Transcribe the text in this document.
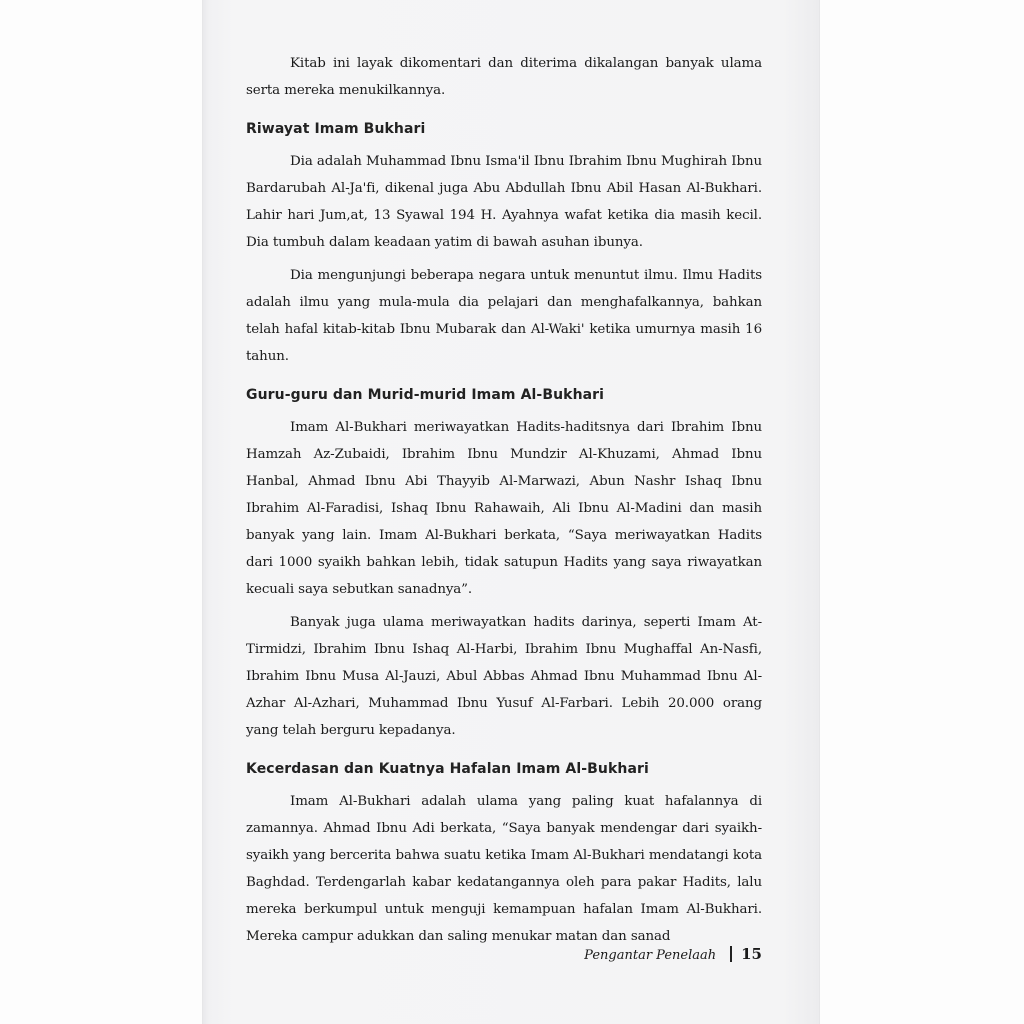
Kitab ini layak dikomentari dan diterima dikalangan banyak ulama serta mereka menukilkannya.

Riwayat Imam Bukhari

Dia adalah Muhammad Ibnu Isma'il Ibnu Ibrahim Ibnu Mughirah Ibnu Bardarubah Al-Ja'fi, dikenal juga Abu Abdullah Ibnu Abil Hasan Al-Bukhari. Lahir hari Jum,at, 13 Syawal 194 H. Ayahnya wafat ketika dia masih kecil. Dia tumbuh dalam keadaan yatim di bawah asuhan ibunya.

Dia mengunjungi beberapa negara untuk menuntut ilmu. Ilmu Hadits adalah ilmu yang mula-mula dia pelajari dan menghafalkannya, bahkan telah hafal kitab-kitab Ibnu Mubarak dan Al-Waki' ketika umurnya masih 16 tahun.

Guru-guru dan Murid-murid Imam Al-Bukhari

Imam Al-Bukhari meriwayatkan Hadits-haditsnya dari Ibrahim Ibnu Hamzah Az-Zubaidi, Ibrahim Ibnu Mundzir Al-Khuzami, Ahmad Ibnu Hanbal, Ahmad Ibnu Abi Thayyib Al-Marwazi, Abun Nashr Ishaq Ibnu Ibrahim Al-Faradisi, Ishaq Ibnu Rahawaih, Ali Ibnu Al-Madini dan masih banyak yang lain. Imam Al-Bukhari berkata, “Saya meriwayatkan Hadits dari 1000 syaikh bahkan lebih, tidak satupun Hadits yang saya riwayatkan kecuali saya sebutkan sanadnya”.

Banyak juga ulama meriwayatkan hadits darinya, seperti Imam At-Tirmidzi, Ibrahim Ibnu Ishaq Al-Harbi, Ibrahim Ibnu Mughaffal An-Nasfi, Ibrahim Ibnu Musa Al-Jauzi, Abul Abbas Ahmad Ibnu Muhammad Ibnu Al-Azhar Al-Azhari, Muhammad Ibnu Yusuf Al-Farbari. Lebih 20.000 orang yang telah berguru kepadanya.

Kecerdasan dan Kuatnya Hafalan Imam Al-Bukhari

Imam Al-Bukhari adalah ulama yang paling kuat hafalannya di zamannya. Ahmad Ibnu Adi berkata, “Saya banyak mendengar dari syaikh-syaikh yang bercerita bahwa suatu ketika Imam Al-Bukhari mendatangi kota Baghdad. Terdengarlah kabar kedatangannya oleh para pakar Hadits, lalu mereka berkumpul untuk menguji kemampuan hafalan Imam Al-Bukhari. Mereka campur adukkan dan saling menukar matan dan sanad

Pengantar Penelaah 15
